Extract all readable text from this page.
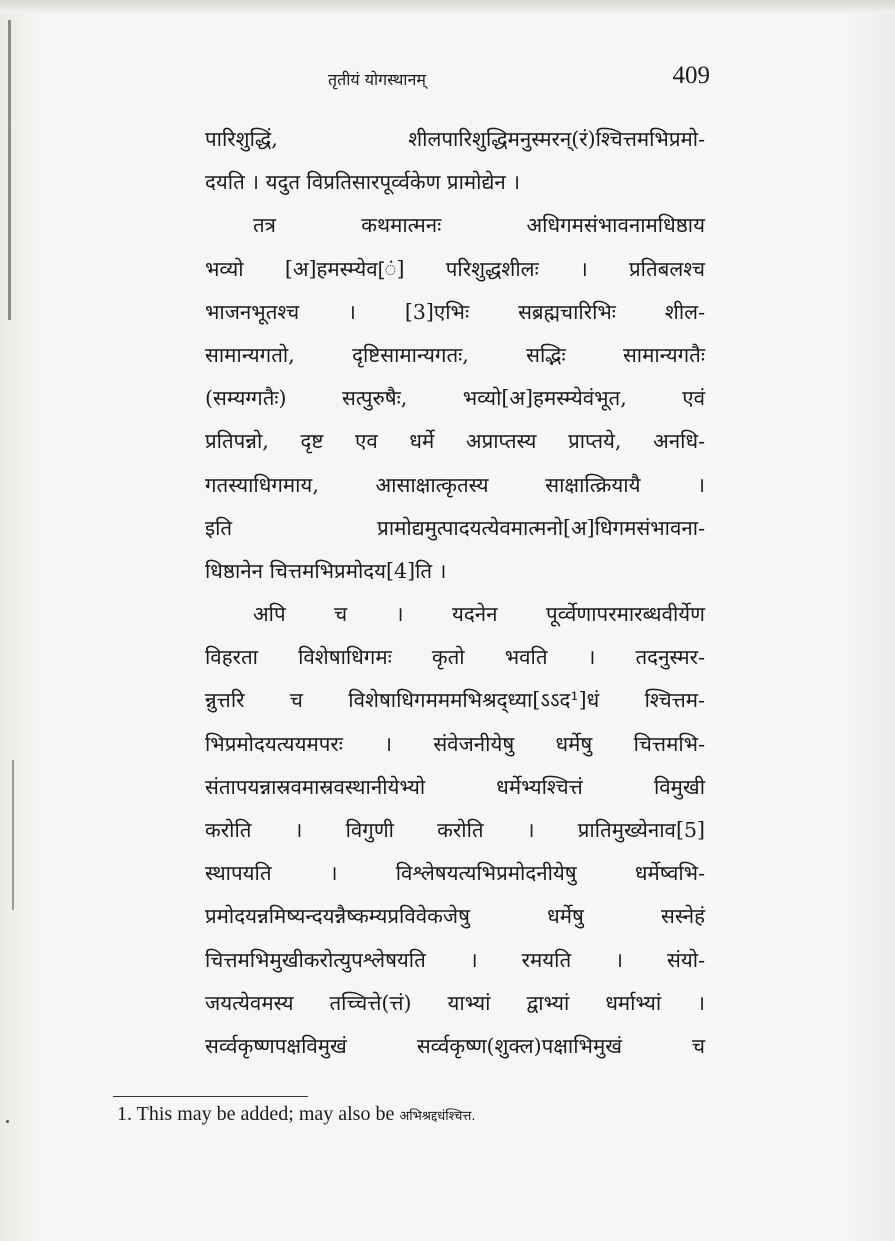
तृतीयं योगस्थानम्	409
पारिशुद्धिं, शीलपारिशुद्धिमनुस्मरन्(रं)श्चित्तमभिप्रमो-
दयति । यदुत विप्रतिसारपूर्व्वकेण प्रामोद्येन ।
तत्र कथमात्मनः अधिगमसंभावनामधिष्ठाय
भव्यो [अ]हमस्म्येव[ं] परिशुद्धशीलः । प्रतिबलश्च
भाजनभूतश्च । [3]एभिः सब्रह्मचारिभिः शील-
सामान्यगतो, दृष्टिसामान्यगतः, सद्भिः सामान्यगतैः
(सम्यग्गतैः) सत्पुरुषैः, भव्यो[अ]हमस्म्येवंभूत, एवं
प्रतिपन्नो, दृष्ट एव धर्मे अप्राप्तस्य प्राप्तये, अनधि-
गतस्याधिगमाय, आसाक्षात्कृतस्य साक्षात्क्रियायै ।
इति प्रामोद्यमुत्पादयत्येवमात्मनो[अ]धिगमसंभावना-
धिष्ठानेन चित्तमभिप्रमोदय[4]ति ।
अपि च । यदनेन पूर्व्वेणापरमारब्धवीर्येण
विहरता विशेषाधिगमः कृतो भवति । तदनुस्मर-
न्नुत्तरि च विशेषाधिगमममभिश्रद्‌ध्या[ऽऽद¹]धं श्चित्तम-
भिप्रमोदयत्ययमपरः । संवेजनीयेषु धर्मेषु चित्तमभि-
संतापयन्नास्रवमास्रवस्थानीयेभ्यो धर्मेभ्यश्चित्तं विमुखी
करोति । विगुणी करोति । प्रातिमुख्येनाव[5]
स्थापयति । विश्लेषयत्यभिप्रमोदनीयेषु धर्मेष्वभि-
प्रमोदयन्नमिष्यन्दयन्नैष्कम्यप्रविवेकजेषु धर्मेषु सस्नेहं
चित्तमभिमुखीकरोत्युपश्लेषयति । रमयति । संयो-
जयत्येवमस्य तच्चित्ते(त्तं) याभ्यां द्वाभ्यां धर्माभ्यां ।
सर्व्वकृष्णपक्षविमुखं सर्व्वकृष्ण(शुक्ल)पक्षाभिमुखं च
1. This may be added; may also be अभिश्रद्दधंश्चित्त.
